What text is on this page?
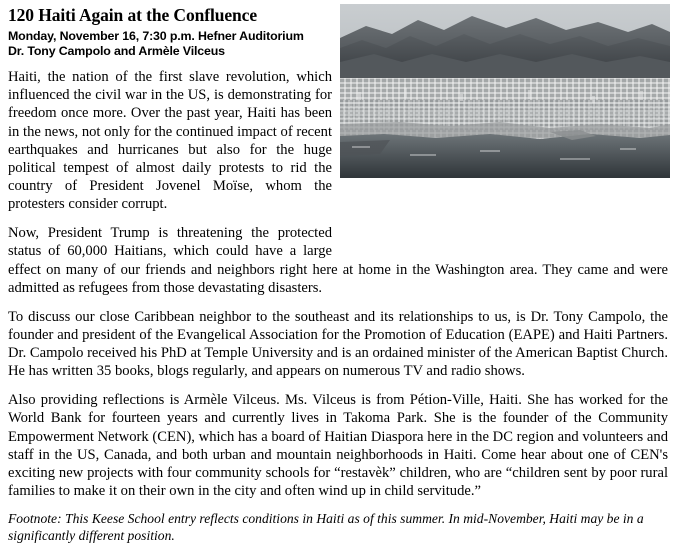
120 Haiti Again at the Confluence
Monday, November 16, 7:30 p.m. Hefner Auditorium
Dr. Tony Campolo and Armèle Vilceus

Haiti, the nation of the first slave revolution, which influenced the civil war in the US, is demonstrating for freedom once more. Over the past year, Haiti has been in the news, not only for the continued impact of recent earthquakes and hurricanes but also for the huge political tempest of almost daily protests to rid the country of President Jovenel Moïse, whom the protesters consider corrupt.

Now, President Trump is threatening the protected status of 60,000 Haitians, which could have a large effect on many of our friends and neighbors right here at home in the Washington area. They came and were admitted as refugees from those devastating disasters.

To discuss our close Caribbean neighbor to the southeast and its relationships to us, is Dr. Tony Campolo, the founder and president of the Evangelical Association for the Promotion of Education (EAPE) and Haiti Partners. Dr. Campolo received his PhD at Temple University and is an ordained minister of the American Baptist Church. He has written 35 books, blogs regularly, and appears on numerous TV and radio shows.

Also providing reflections is Armèle Vilceus. Ms. Vilceus is from Pétion-Ville, Haiti. She has worked for the World Bank for fourteen years and currently lives in Takoma Park. She is the founder of the Community Empowerment Network (CEN), which has a board of Haitian Diaspora here in the DC region and volunteers and staff in the US, Canada, and both urban and mountain neighborhoods in Haiti. Come hear about one of CEN's exciting new projects with four community schools for “restavèk” children, who are “children sent by poor rural families to make it on their own in the city and often wind up in child servitude.”

Footnote: This Keese School entry reflects conditions in Haiti as of this summer. In mid-November, Haiti may be in a significantly different position.
